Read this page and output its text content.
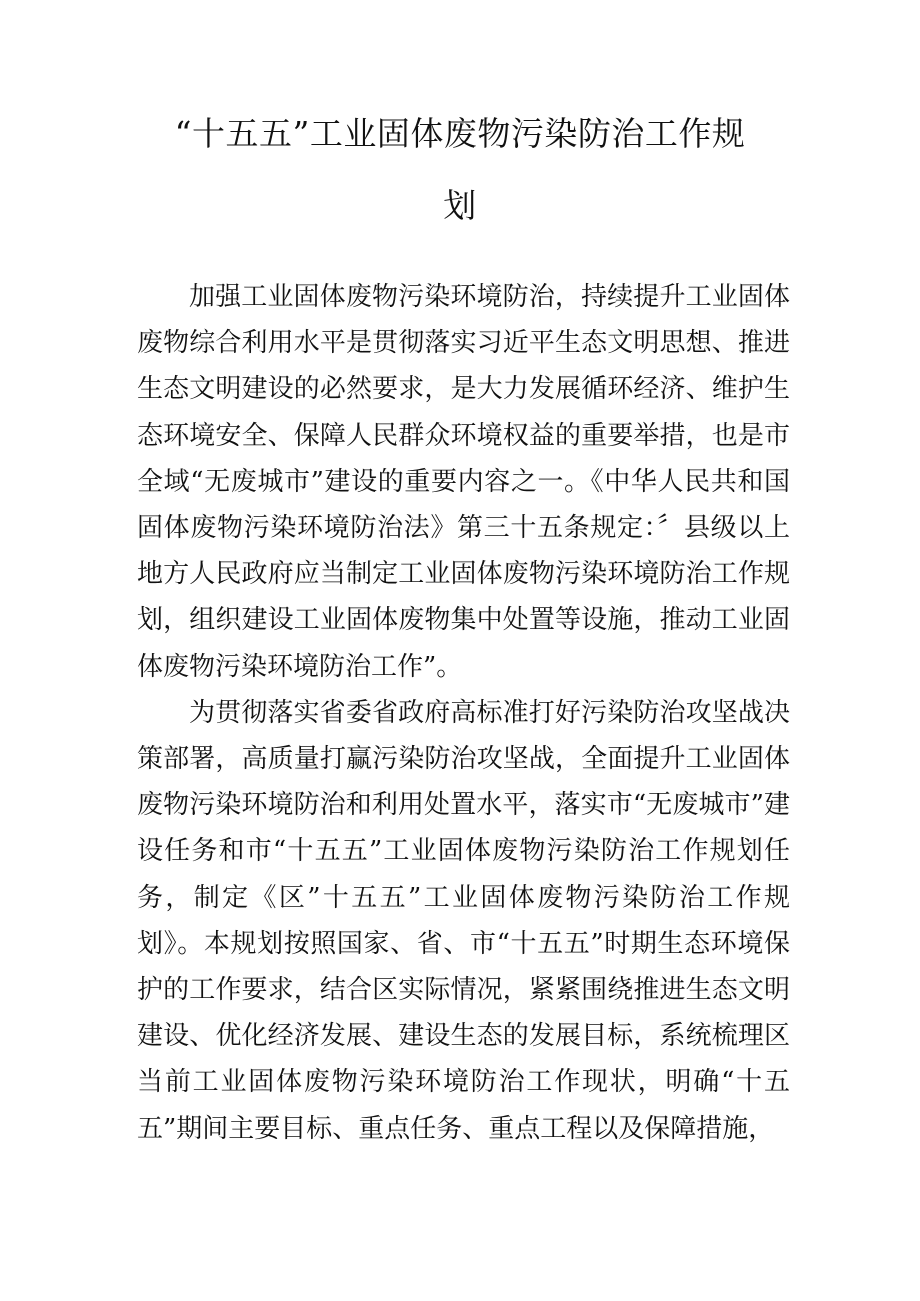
“十五五”工业固体废物污染防治工作规
划

加强工业固体废物污染环境防治，持续提升工业固体废物综合利用水平是贯彻落实习近平生态文明思想、推进生态文明建设的必然要求，是大力发展循环经济、维护生态环境安全、保障人民群众环境权益的重要举措，也是市全域“无废城市”建设的重要内容之一。《中华人民共和国固体废物污染环境防治法》第三十五条规定：〞县级以上地方人民政府应当制定工业固体废物污染环境防治工作规划，组织建设工业固体废物集中处置等设施，推动工业固体废物污染环境防治工作”。

为贯彻落实省委省政府高标准打好污染防治攻坚战决策部署，高质量打赢污染防治攻坚战，全面提升工业固体废物污染环境防治和利用处置水平，落实市“无废城市”建设任务和市“十五五”工业固体废物污染防治工作规划任务，制定《区”十五五”工业固体废物污染防治工作规划》。本规划按照国家、省、市“十五五”时期生态环境保护的工作要求，结合区实际情况，紧紧围绕推进生态文明建设、优化经济发展、建设生态的发展目标，系统梳理区当前工业固体废物污染环境防治工作现状，明确“十五五”期间主要目标、重点任务、重点工程以及保障措施，
